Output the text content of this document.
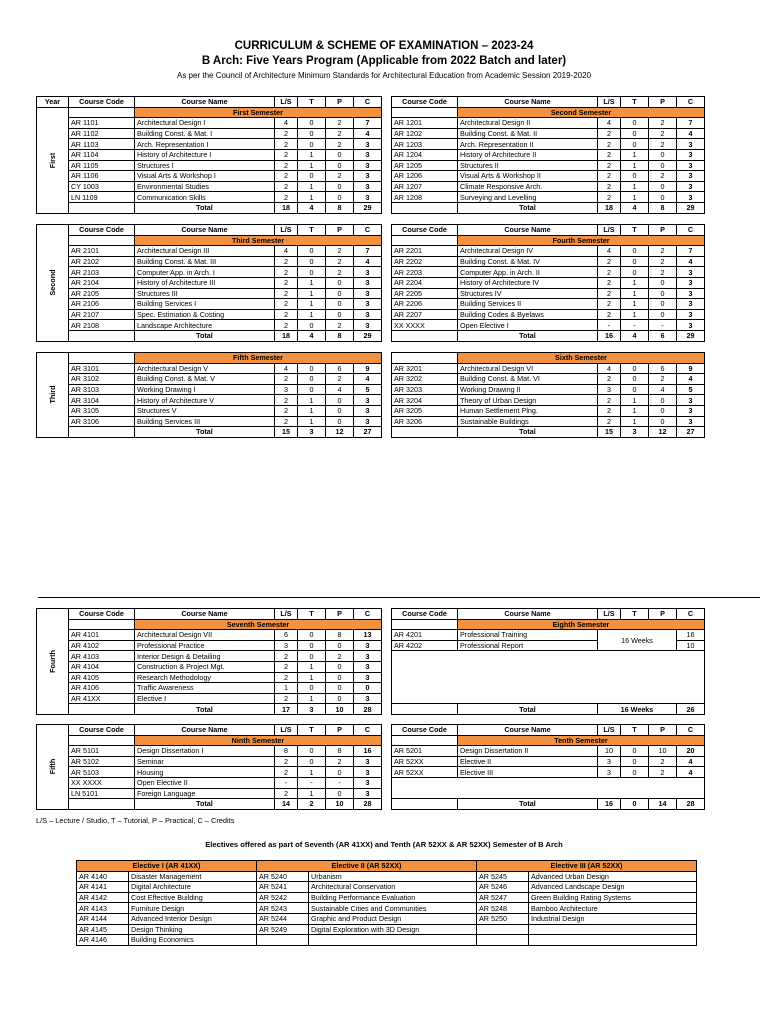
CURRICULUM & SCHEME OF EXAMINATION – 2023-24
B Arch: Five Years Program (Applicable from 2022 Batch and later)
As per the Council of Architecture Minimum Standards for Architectural Education from Academic Session 2019-2020
Year	Course Code	Course Name	L/S	T	P	C		Course Code	Course Name	L/S	T	P	C

First		First Semester							Second Semester				
	AR 1101	Architectural Design I	4	0	2	7		AR 1201	Architectural Design II	4	0	2	7
	AR 1102	Building Const. & Mat. I	2	0	2	4		AR 1202	Building Const. & Mat. II	2	0	2	4
	AR 1103	Arch. Representation I	2	0	2	3		AR 1203	Arch. Representation II	2	0	2	3
	AR 1104	History of Architecture I	2	1	0	3		AR 1204	History of Architecture II	2	1	0	3
	AR 1105	Structures I	2	1	0	3		AR 1205	Structures II	2	1	0	3
	AR 1106	Visual Arts & Workshop I	2	0	2	3		AR 1206	Visual Arts & Workshop II	2	0	2	3
	CY 1003	Environmental Studies	2	1	0	3		AR 1207	Climate Responsive Arch.	2	1	0	3
	LN 1109	Communication Skills	2	1	0	3		AR 1208	Surveying and Levelling	2	1	0	3
		Total	18	4	8	29			Total	18	4	8	29
Second	Course Code	Course Name	L/S	T	P	C		Course Code	Course Name	L/S	T	P	C
		Third Semester							Fourth Semester				
	AR 2101	Architectural Design III	4	0	2	7		AR 2201	Architectural Design IV	4	0	2	7
	AR 2102	Building Const. & Mat. III	2	0	2	4		AR 2202	Building Const. & Mat. IV	2	0	2	4
	AR 2103	Computer App. in Arch. I	2	0	2	3		AR 2203	Computer App. in Arch. II	2	0	2	3
	AR 2104	History of Architecture III	2	1	0	3		AR 2204	History of Architecture IV	2	1	0	3
	AR 2105	Structures III	2	1	0	3		AR 2205	Structures IV	2	1	0	3
	AR 2106	Building Services I	2	1	0	3		AR 2206	Building Services II	2	1	0	3
	AR 2107	Spec. Estimation & Costing	2	1	0	3		AR 2207	Building Codes & Byelaws	2	1	0	3
	AR 2108	Landscape Architecture	2	0	2	3		XX XXXX	Open Elective I	-	-	-	3
		Total	18	4	8	29			Total	16	4	6	29
Third		Fifth Semester							Sixth Semester				
	AR 3101	Architectural Design V	4	0	6	9		AR 3201	Architectural Design VI	4	0	6	9
	AR 3102	Building Const. & Mat. V	2	0	2	4		AR 3202	Building Const. & Mat. VI	2	0	2	4
	AR 3103	Working Drawing I	3	0	4	5		AR 3203	Working Drawing II	3	0	4	5
	AR 3104	History of Architecture V	2	1	0	3		AR 3204	Theory of Urban Design	2	1	0	3
	AR 3105	Structures V	2	1	0	3		AR 3205	Human Settlement Plng.	2	1	0	3
	AR 3106	Building Services III	2	1	0	3		AR 3206	Sustainable Buildings	2	1	0	3
		Total	15	3	12	27			Total	15	3	12	27
Fourth	Course Code	Course Name	L/S	T	P	C		Course Code	Course Name	L/S	T	P	C
		Seventh Semester							Eighth Semester				
	AR 4101	Architectural Design VII	6	0	8	13		AR 4201	Professional Training	16 Weeks			16
	AR 4102	Professional Practice	3	0	0	3		AR 4202	Professional Report				10
	AR 4103	Interior Design & Detailing	2	0	2	3							
	AR 4104	Construction & Project Mgt.	2	1	0	3							
	AR 4105	Research Methodology	2	1	0	3							
	AR 4106	Traffic Awareness	1	0	0	0							
	AR 41XX	Elective I	2	1	0	3							
		Total	17	3	10	28			Total	16 Weeks			26
Fifth	Course Code	Course Name	L/S	T	P	C		Course Code	Course Name	L/S	T	P	C
		Ninth Semester							Tenth Semester				
	AR 5101	Design Dissertation I	8	0	8	16		AR 5201	Design Dissertation II	10	0	10	20
	AR 5102	Seminar	2	0	2	3		AR 52XX	Elective II	3	0	2	4
	AR 5103	Housing	2	1	0	3		AR 52XX	Elective III	3	0	2	4
	XX XXXX	Open Elective II	-	-	-	3							
	LN 5101	Foreign Language	2	1	0	3							
		Total	14	2	10	28			Total	16	0	14	28
L/S – Lecture / Studio, T – Tutorial, P – Practical, C – Credits
Electives offered as part of Seventh (AR 41XX) and Tenth (AR 52XX & AR 52XX) Semester of B Arch
Elective I (AR 41XX)		Elective II (AR 52XX)		Elective III (AR 52XX)	
AR 4140	Disaster Management	AR 5240	Urbanism	AR 5245	Advanced Urban Design
AR 4141	Digital Architecture	AR 5241	Architectural Conservation	AR 5246	Advanced Landscape Design
AR 4142	Cost Effective Building	AR 5242	Building Performance Evaluation	AR 5247	Green Building Rating Systems
AR 4143	Furniture Design	AR 5243	Sustainable Cities and Communities	AR 5248	Bamboo Architecture
AR 4144	Advanced Interior Design	AR 5244	Graphic and Product Design	AR 5250	Industrial Design
AR 4145	Design Thinking	AR 5249	Digital Exploration with 3D Design		
AR 4146	Building Economics				
